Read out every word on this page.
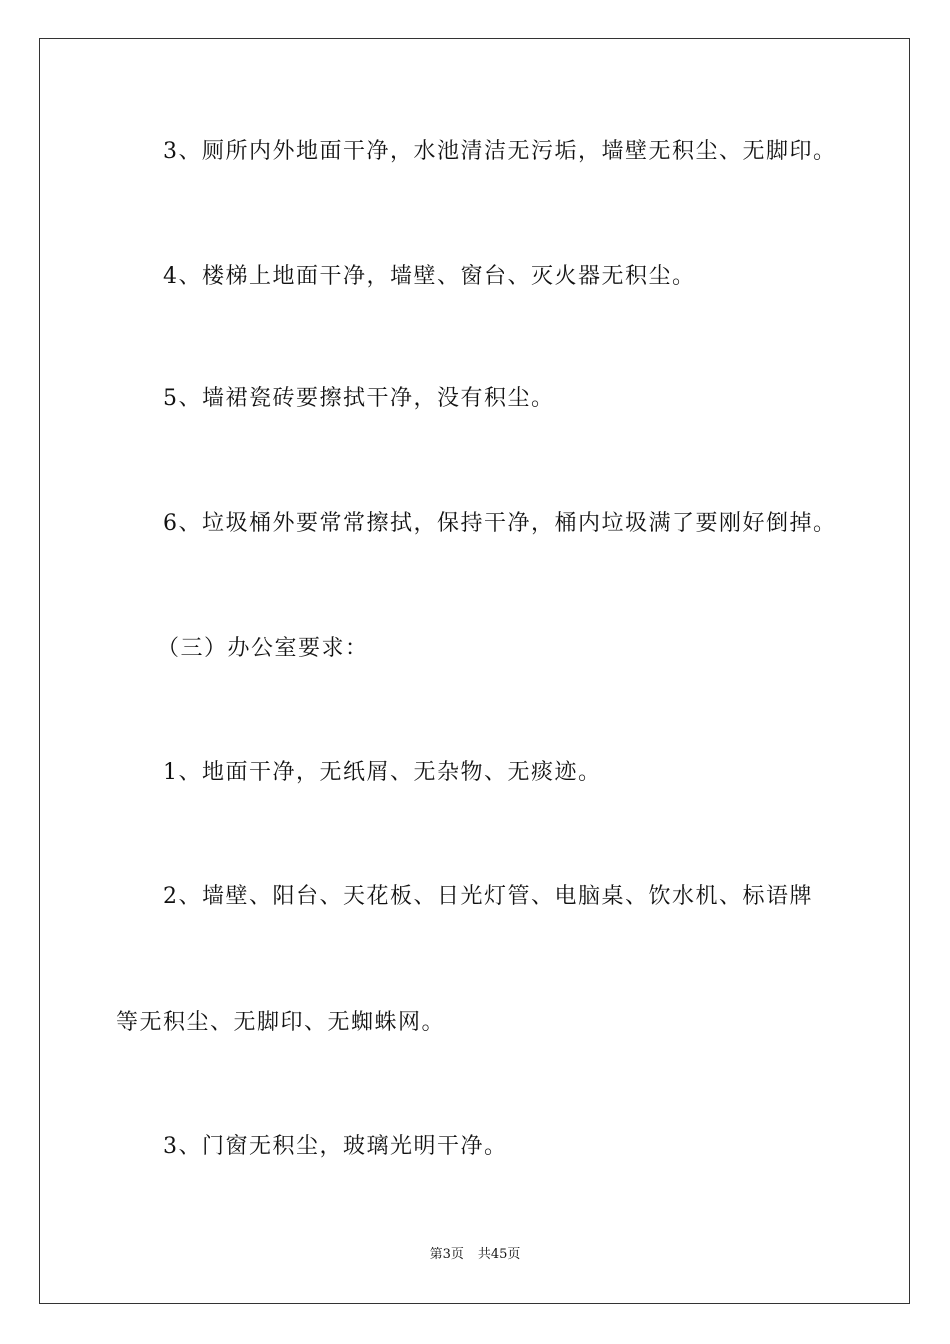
3、厕所内外地面干净，水池清洁无污垢，墙壁无积尘、无脚印。
4、楼梯上地面干净，墙壁、窗台、灭火器无积尘。
5、墙裙瓷砖要擦拭干净，没有积尘。
6、垃圾桶外要常常擦拭，保持干净，桶内垃圾满了要刚好倒掉。
（三）办公室要求：
1、地面干净，无纸屑、无杂物、无痰迹。
2、墙壁、阳台、天花板、日光灯管、电脑桌、饮水机、标语牌
等无积尘、无脚印、无蜘蛛网。
3、门窗无积尘，玻璃光明干净。
第3页 共45页
